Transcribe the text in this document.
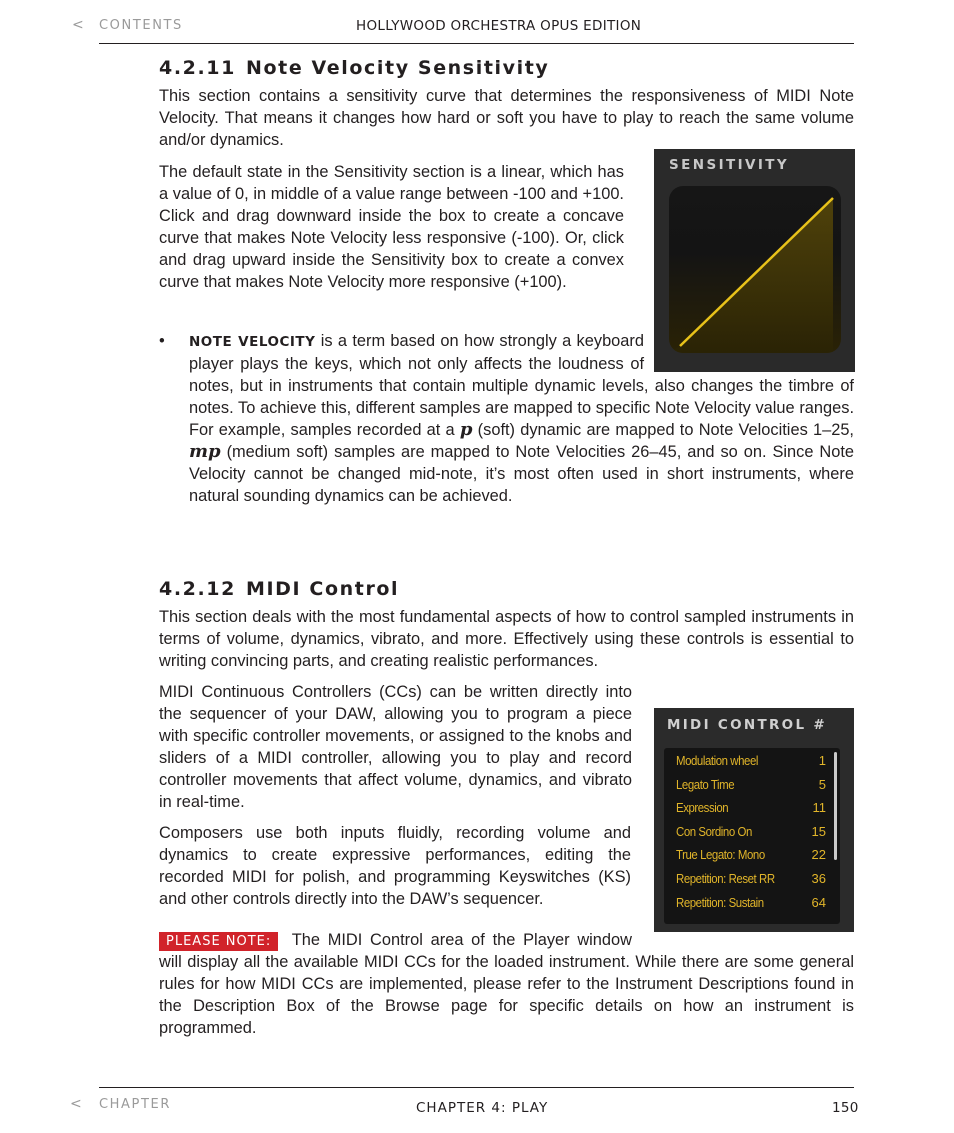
< CONTENTS	HOLLYWOOD ORCHESTRA OPUS EDITION
4.2.11 Note Velocity Sensitivity

This section contains a sensitivity curve that determines the responsiveness of MIDI Note Velocity. That means it changes how hard or soft you have to play to reach the same volume and/or dynamics.

The default state in the Sensitivity section is a linear, which has a value of 0, in middle of a value range between -100 and +100. Click and drag downward inside the box to create a concave curve that makes Note Velocity less responsive (-100). Or, click and drag upward inside the Sensitivity box to create a convex curve that makes Note Velocity more responsive (+100).

SENSITIVITY
• NOTE VELOCITY is a term based on how strongly a keyboard player plays the keys, which not only affects the loudness of notes, but in instruments that contain multiple dynamic levels, also changes the timbre of notes. To achieve this, different samples are mapped to specific Note Velocity value ranges. For example, samples recorded at a p (soft) dynamic are mapped to Note Velocities 1–25, mp (medium soft) samples are mapped to Note Velocities 26–45, and so on. Since Note Velocity cannot be changed mid-note, it’s most often used in short instruments, where natural sounding dynamics can be achieved.
4.2.12 MIDI Control

This section deals with the most fundamental aspects of how to control sampled instruments in terms of volume, dynamics, vibrato, and more. Effectively using these controls is essential to writing convincing parts, and creating realistic performances.

MIDI Continuous Controllers (CCs) can be written directly into the sequencer of your DAW, allowing you to program a piece with specific controller movements, or assigned to the knobs and sliders of a MIDI controller, allowing you to play and record controller movements that affect volume, dynamics, and vibrato in real-time.

Composers use both inputs fluidly, recording volume and dynamics to create expressive performances, editing the recorded MIDI for polish, and programming Keyswitches (KS) and other controls directly into the DAW’s sequencer.

PLEASE NOTE: The MIDI Control area of the Player window will display all the available MIDI CCs for the loaded instrument. While there are some general rules for how MIDI CCs are implemented, please refer to the Instrument Descriptions found in the Description Box of the Browse page for specific details on how an instrument is programmed.
MIDI CONTROL #
Modulation wheel	1
Legato Time	5
Expression	11
Con Sordino On	15
True Legato: Mono	22
Repetition: Reset RR	36
Repetition: Sustain	64
< CHAPTER	CHAPTER 4: PLAY	150
